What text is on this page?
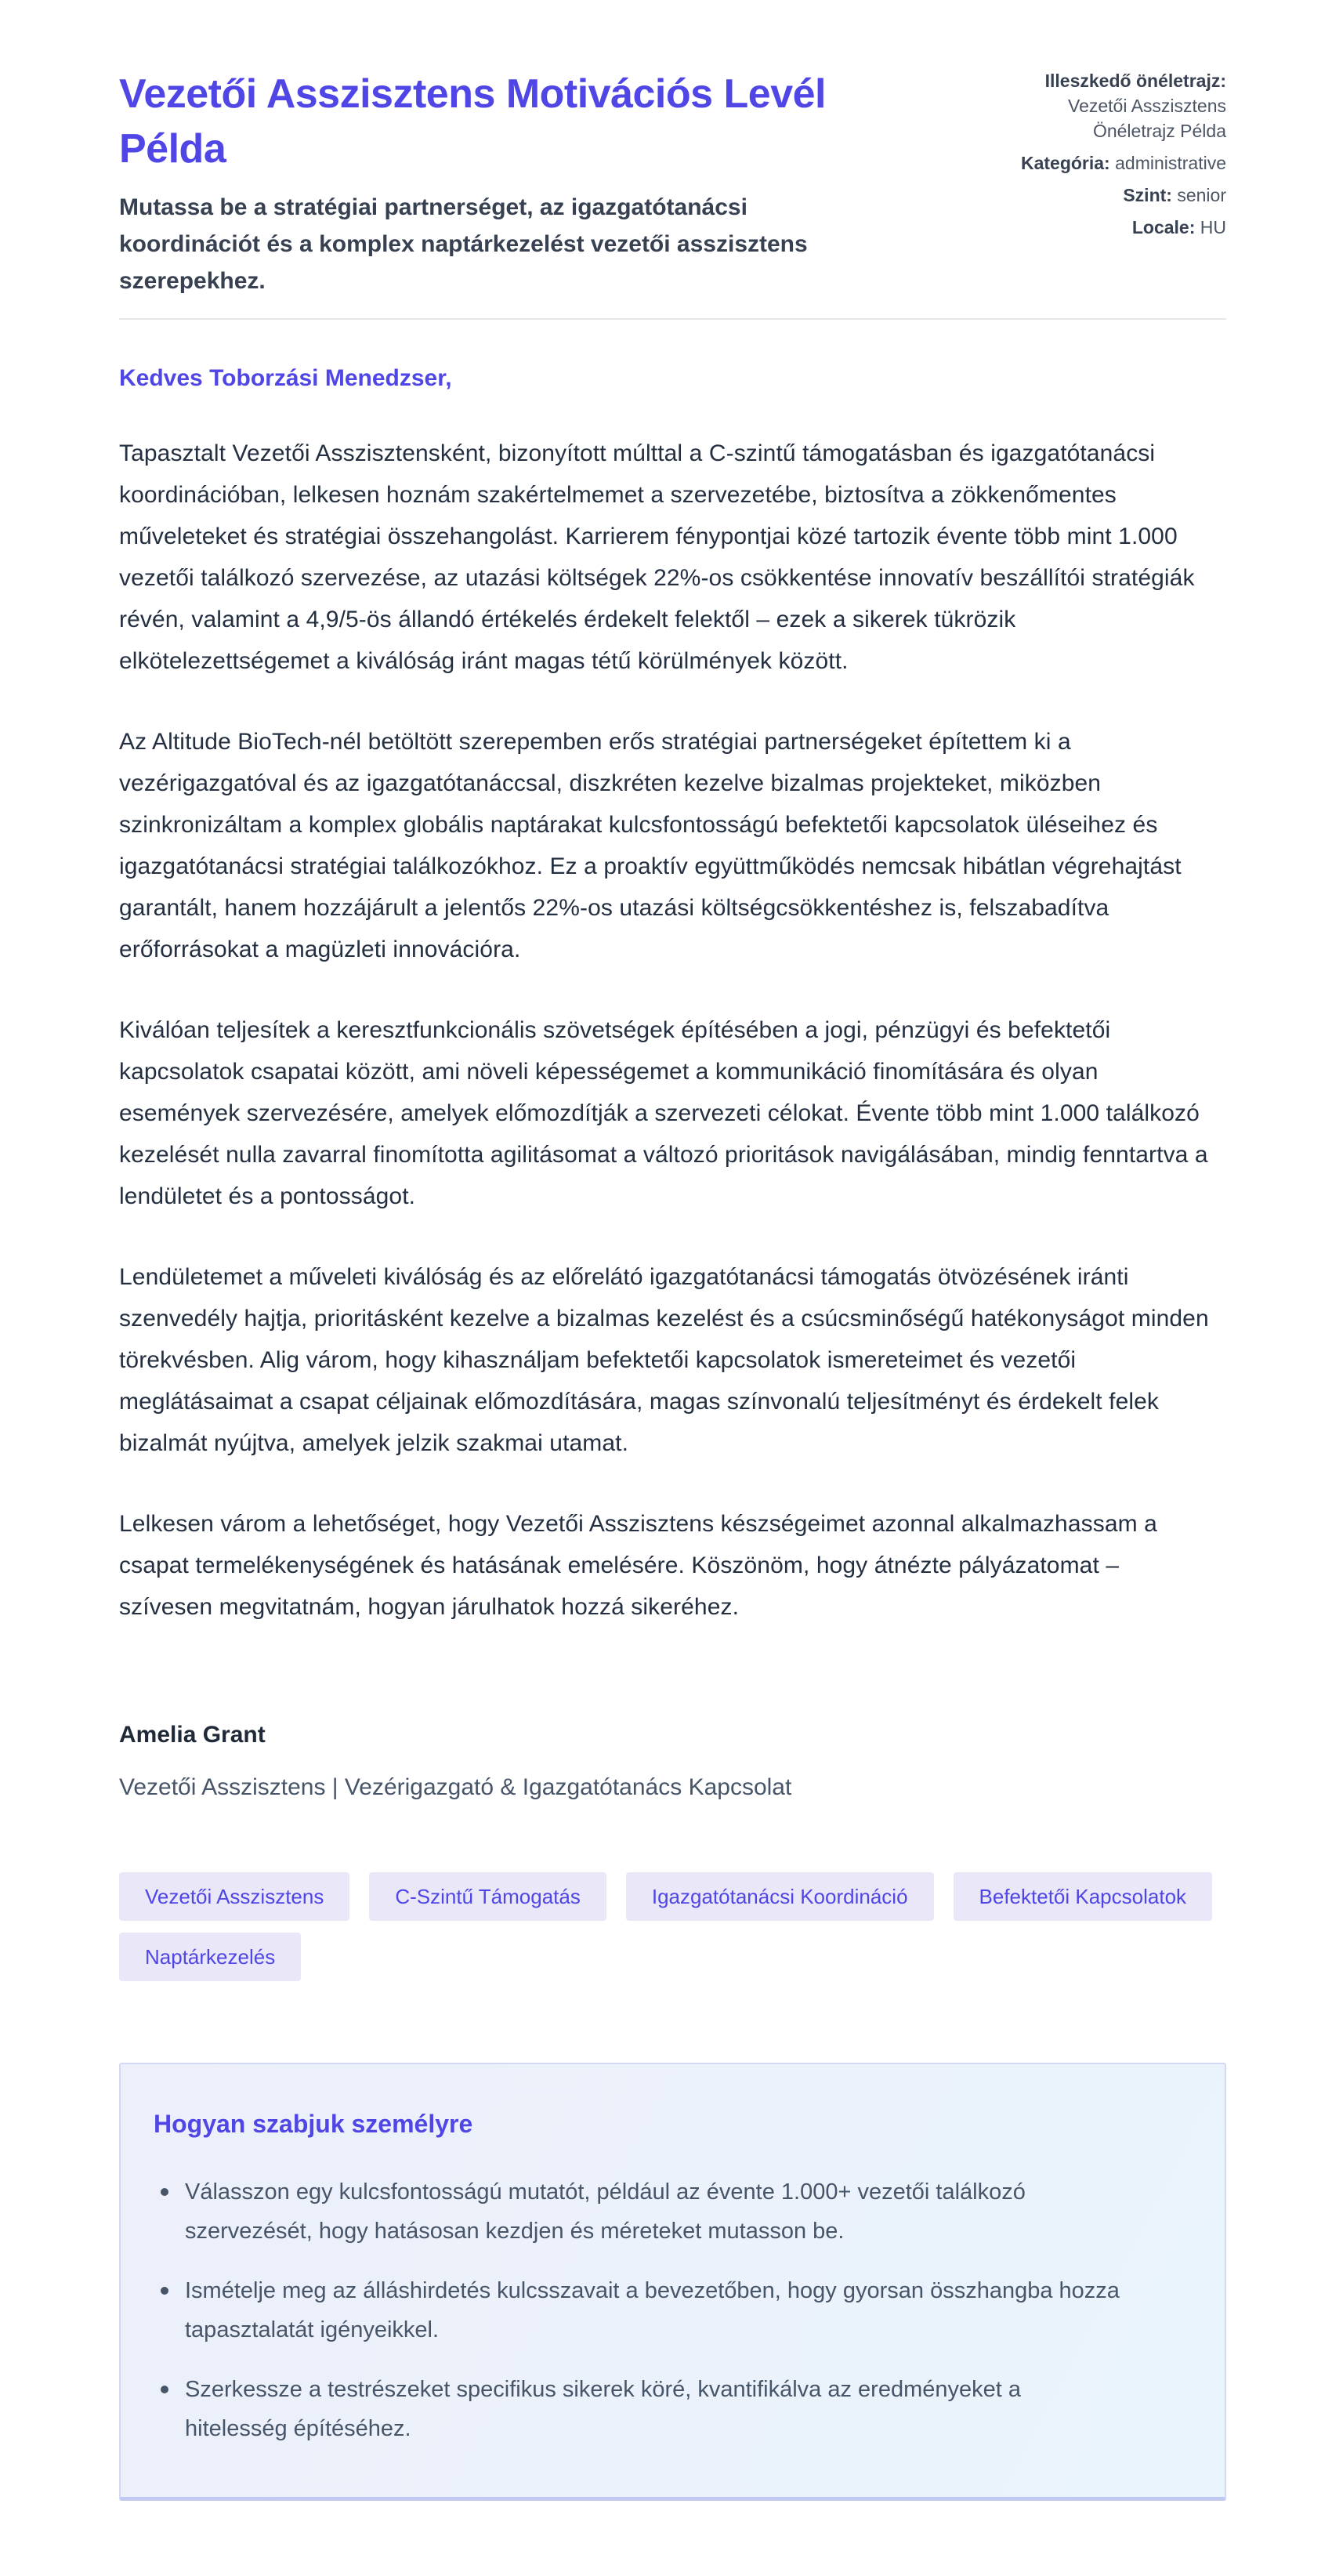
Vezetői Asszisztens Motivációs Levél Példa

Mutassa be a stratégiai partnerséget, az igazgatótanácsi koordinációt és a komplex naptárkezelést vezetői asszisztens szerepekhez.

Illeszkedő önéletrajz:
Vezetői Asszisztens Önéletrajz Példa
Kategória: administrative
Szint: senior
Locale: HU

Kedves Toborzási Menedzser,

Tapasztalt Vezetői Asszisztensként, bizonyított múlttal a C-szintű támogatásban és igazgatótanácsi koordinációban, lelkesen hoznám szakértelmemet a szervezetébe, biztosítva a zökkenőmentes műveleteket és stratégiai összehangolást. Karrierem fénypontjai közé tartozik évente több mint 1.000 vezetői találkozó szervezése, az utazási költségek 22%-os csökkentése innovatív beszállítói stratégiák révén, valamint a 4,9/5-ös állandó értékelés érdekelt felektől – ezek a sikerek tükrözik elkötelezettségemet a kiválóság iránt magas tétű körülmények között.

Az Altitude BioTech-nél betöltött szerepemben erős stratégiai partnerségeket építettem ki a vezérigazgatóval és az igazgatótanáccsal, diszkréten kezelve bizalmas projekteket, miközben szinkronizáltam a komplex globális naptárakat kulcsfontosságú befektetői kapcsolatok üléseihez és igazgatótanácsi stratégiai találkozókhoz. Ez a proaktív együttműködés nemcsak hibátlan végrehajtást garantált, hanem hozzájárult a jelentős 22%-os utazási költségcsökkentéshez is, felszabadítva erőforrásokat a magüzleti innovációra.

Kiválóan teljesítek a keresztfunkcionális szövetségek építésében a jogi, pénzügyi és befektetői kapcsolatok csapatai között, ami növeli képességemet a kommunikáció finomítására és olyan események szervezésére, amelyek előmozdítják a szervezeti célokat. Évente több mint 1.000 találkozó kezelését nulla zavarral finomította agilitásomat a változó prioritások navigálásában, mindig fenntartva a lendületet és a pontosságot.

Lendületemet a műveleti kiválóság és az előrelátó igazgatótanácsi támogatás ötvözésének iránti szenvedély hajtja, prioritásként kezelve a bizalmas kezelést és a csúcsminőségű hatékonyságot minden törekvésben. Alig várom, hogy kihasználjam befektetői kapcsolatok ismereteimet és vezetői meglátásaimat a csapat céljainak előmozdítására, magas színvonalú teljesítményt és érdekelt felek bizalmát nyújtva, amelyek jelzik szakmai utamat.

Lelkesen várom a lehetőséget, hogy Vezetői Asszisztens készségeimet azonnal alkalmazhassam a csapat termelékenységének és hatásának emelésére. Köszönöm, hogy átnézte pályázatomat – szívesen megvitatnám, hogyan járulhatok hozzá sikeréhez.

Amelia Grant

Vezetői Asszisztens | Vezérigazgató & Igazgatótanács Kapcsolat

Vezetői Asszisztens	C-Szintű Támogatás	Igazgatótanácsi Koordináció	Befektetői Kapcsolatok
Naptárkezelés
Hogyan szabjuk személyre
Válasszon egy kulcsfontosságú mutatót, például az évente 1.000+ vezetői találkozó szervezését, hogy hatásosan kezdjen és méreteket mutasson be.
Ismételje meg az álláshirdetés kulcsszavait a bevezetőben, hogy gyorsan összhangba hozza tapasztalatát igényeikkel.
Szerkessze a testrészeket specifikus sikerek köré, kvantifikálva az eredményeket a hitelesség építéséhez.
